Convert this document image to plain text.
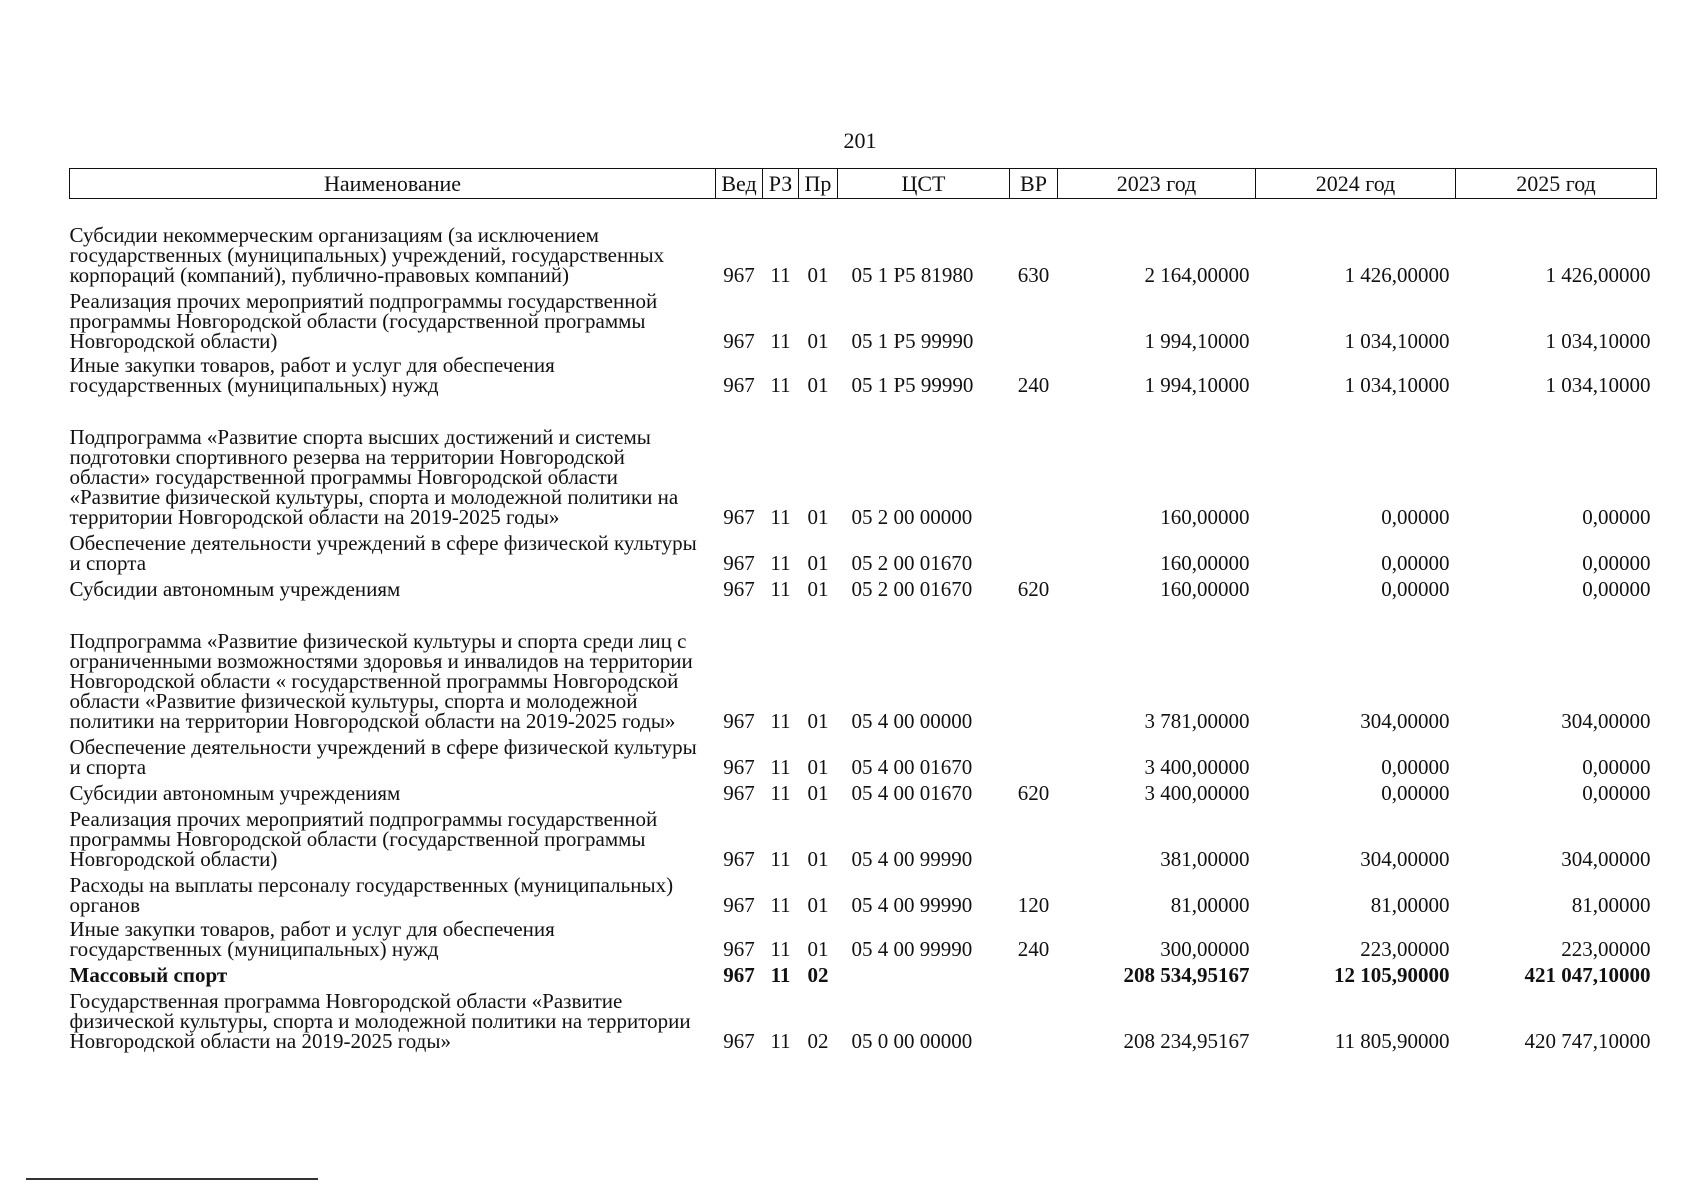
201
Наименование	Вед	РЗ	Пр	ЦСТ	ВР	2023 год	2024 год	2025 год
Субсидии некоммерческим организациям (за исключением государственных (муниципальных) учреждений, государственных корпораций (компаний), публично-правовых компаний)	967	11	01	05 1 P5 81980	630	2 164,00000	1 426,00000	1 426,00000
Реализация прочих мероприятий подпрограммы государственной программы Новгородской области (государственной программы Новгородской области)	967	11	01	05 1 P5 99990		1 994,10000	1 034,10000	1 034,10000
Иные закупки товаров, работ и услуг для обеспечения государственных (муниципальных) нужд	967	11	01	05 1 P5 99990	240	1 994,10000	1 034,10000	1 034,10000
Подпрограмма «Развитие спорта высших достижений и системы подготовки спортивного резерва на территории Новгородской области» государственной программы Новгородской области «Развитие физической культуры, спорта и молодежной политики на территории Новгородской области на 2019-2025 годы»	967	11	01	05 2 00 00000		160,00000	0,00000	0,00000
Обеспечение деятельности учреждений в сфере физической культуры и спорта	967	11	01	05 2 00 01670		160,00000	0,00000	0,00000
Субсидии автономным учреждениям	967	11	01	05 2 00 01670	620	160,00000	0,00000	0,00000
Подпрограмма «Развитие физической культуры и спорта среди лиц с ограниченными возможностями здоровья и инвалидов на территории Новгородской области « государственной программы Новгородской области «Развитие физической культуры, спорта и молодежной политики на территории Новгородской области на 2019-2025 годы»	967	11	01	05 4 00 00000		3 781,00000	304,00000	304,00000
Обеспечение деятельности учреждений в сфере физической культуры и спорта	967	11	01	05 4 00 01670		3 400,00000	0,00000	0,00000
Субсидии автономным учреждениям	967	11	01	05 4 00 01670	620	3 400,00000	0,00000	0,00000
Реализация прочих мероприятий подпрограммы государственной программы Новгородской области (государственной программы Новгородской области)	967	11	01	05 4 00 99990		381,00000	304,00000	304,00000
Расходы на выплаты персоналу государственных (муниципальных) органов	967	11	01	05 4 00 99990	120	81,00000	81,00000	81,00000
Иные закупки товаров, работ и услуг для обеспечения государственных (муниципальных) нужд	967	11	01	05 4 00 99990	240	300,00000	223,00000	223,00000
Массовый спорт	967	11	02			208 534,95167	12 105,90000	421 047,10000
Государственная программа Новгородской области «Развитие физической культуры, спорта и молодежной политики на территории Новгородской области на 2019-2025 годы»	967	11	02	05 0 00 00000		208 234,95167	11 805,90000	420 747,10000
